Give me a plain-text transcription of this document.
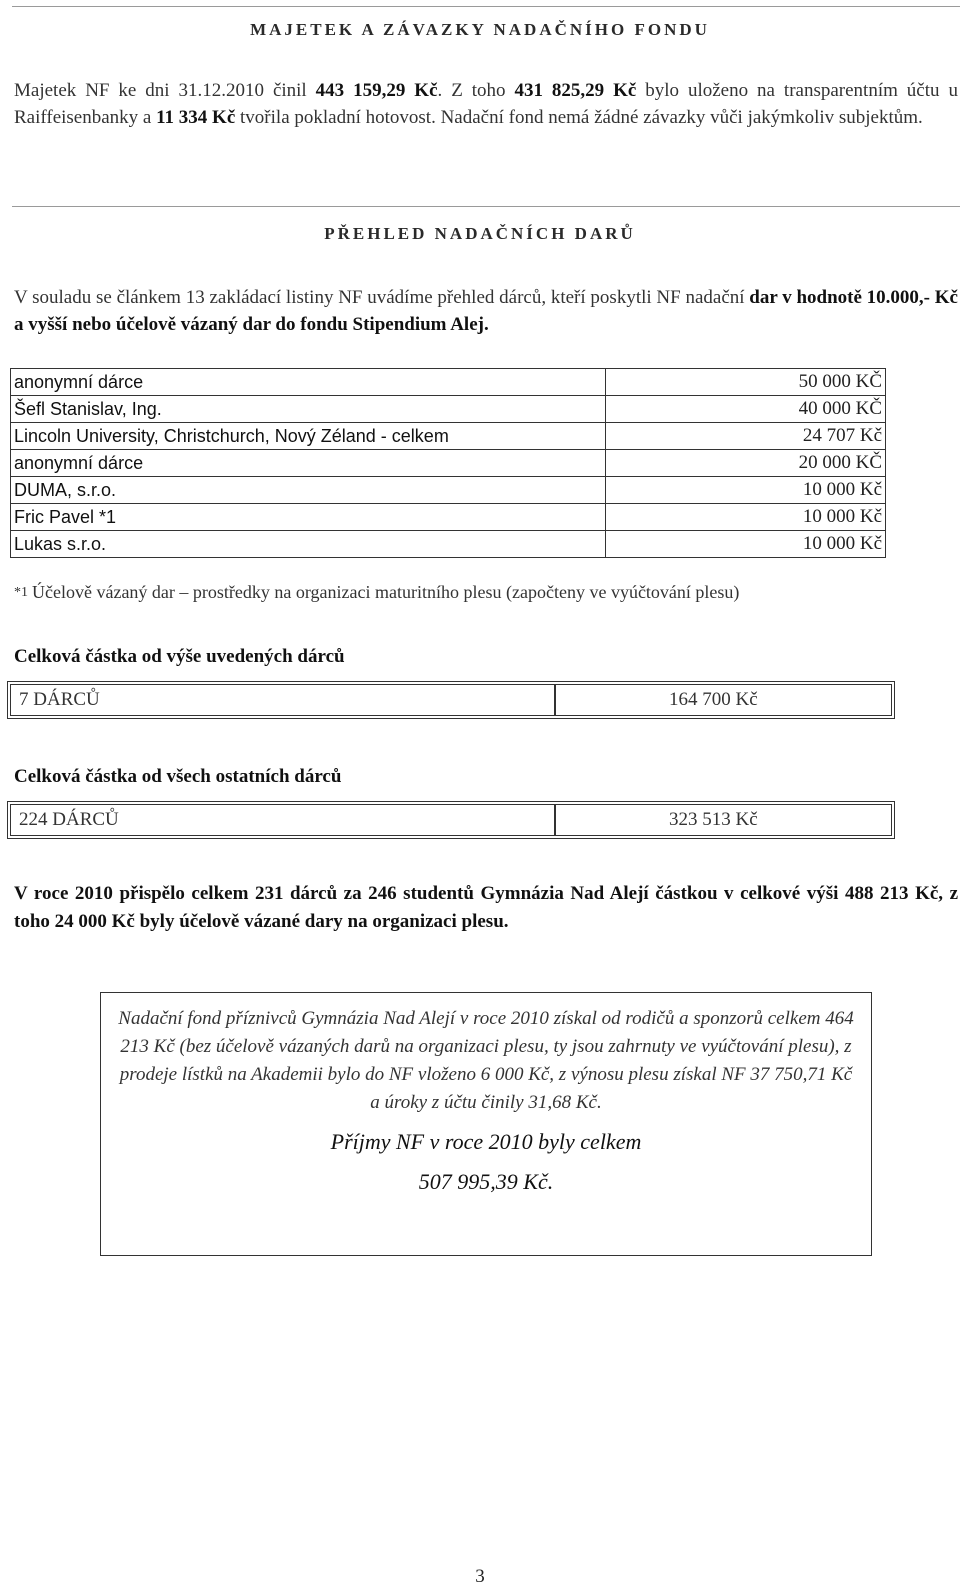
MAJETEK A ZÁVAZKY NADAČNÍHO FONDU
Majetek NF ke dni 31.12.2010 činil 443 159,29 Kč. Z toho 431 825,29 Kč bylo uloženo na transparentním účtu u Raiffeisenbanky a 11 334 Kč tvořila pokladní hotovost. Nadační fond nemá žádné závazky vůči jakýmkoliv subjektům.
PŘEHLED NADAČNÍCH DARŮ
V souladu se článkem 13 zakládací listiny NF uvádíme přehled dárců, kteří poskytli NF nadační dar v hodnotě 10.000,- Kč a vyšší nebo účelově vázaný dar do fondu Stipendium Alej.
anonymní dárce	50 000 KČ
Šefl Stanislav, Ing.	40 000 KČ
Lincoln University, Christchurch, Nový Zéland - celkem	24 707 Kč
anonymní dárce	20 000 KČ
DUMA, s.r.o.	10 000 Kč
Fric Pavel *1	10 000 Kč
Lukas s.r.o.	10 000 Kč
$^{*1}$ Účelově vázaný dar – prostředky na organizaci maturitního plesu (započteny ve vyúčtování plesu)
Celková částka od výše uvedených dárců
7 DÁRCŮ	164 700 Kč
Celková částka od všech ostatních dárců
224 DÁRCŮ	323 513 Kč
V roce 2010 přispělo celkem 231 dárců za 246 studentů Gymnázia Nad Alejí částkou v celkové výši 488 213 Kč, z toho 24 000 Kč byly účelově vázané dary na organizaci plesu.
Nadační fond příznivců Gymnázia Nad Alejí v roce 2010 získal od rodičů a sponzorů celkem 464 213 Kč (bez účelově vázaných darů na organizaci plesu, ty jsou zahrnuty ve vyúčtování plesu), z prodeje lístků na Akademii bylo do NF vloženo 6 000 Kč, z výnosu plesu získal NF 37 750,71 Kč a úroky z účtu činily 31,68 Kč.
Příjmy NF v roce 2010 byly celkem
507 995,39 Kč.
3
